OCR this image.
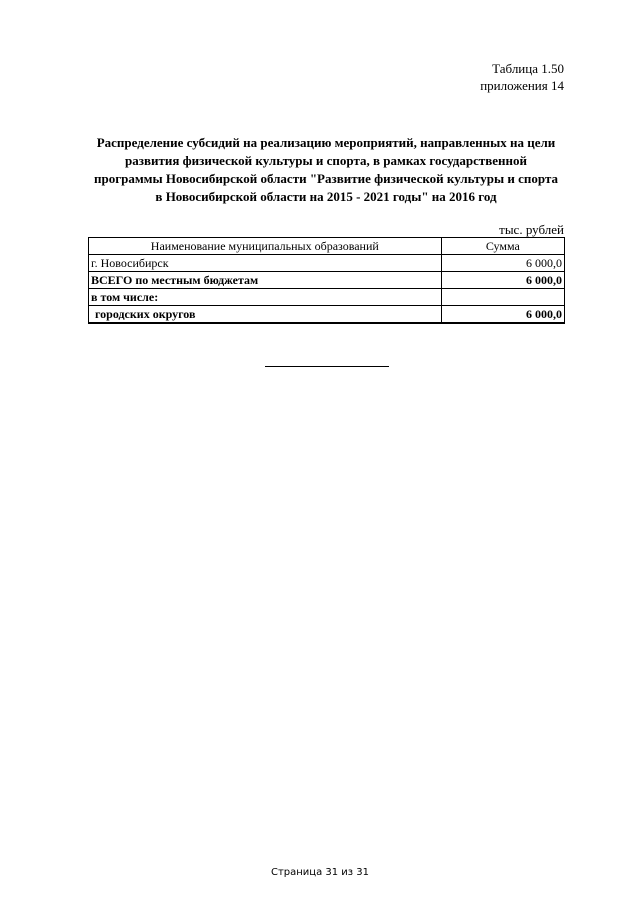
Таблица 1.50
приложения 14
Распределение субсидий на реализацию мероприятий, направленных на цели
развития физической культуры и спорта, в рамках государственной
программы Новосибирской области "Развитие физической культуры и спорта
в Новосибирской области на 2015 - 2021 годы" на 2016 год
тыс. рублей
Наименование муниципальных образований	Сумма
г. Новосибирск	6 000,0
ВСЕГО по местным бюджетам	6 000,0
в том числе:	
городских округов	6 000,0
Страница 31 из 31
